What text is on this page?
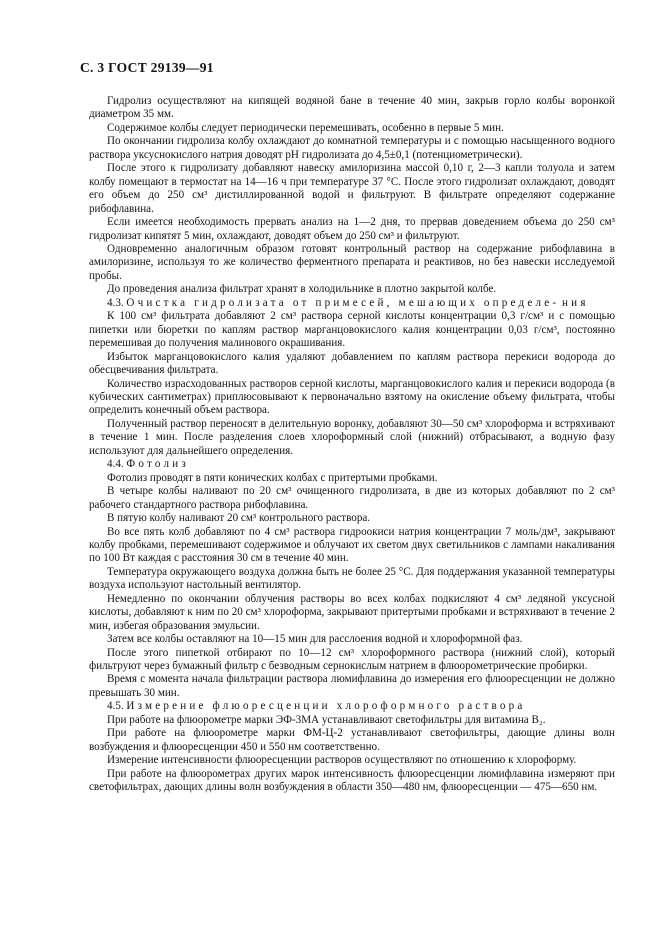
С. 3 ГОСТ 29139—91

Гидролиз осуществляют на кипящей водяной бане в течение 40 мин, закрыв горло колбы воронкой диаметром 35 мм.

Содержимое колбы следует периодически перемешивать, особенно в первые 5 мин.

По окончании гидролиза колбу охлаждают до комнатной температуры и с помощью насыщенного водного раствора уксуснокислого натрия доводят рН гидролизата до 4,5±0,1 (потенциометрически).

После этого к гидролизату добавляют навеску амилоризина массой 0,10 г, 2—3 капли толуола и затем колбу помещают в термостат на 14—16 ч при температуре 37 °С. После этого гидролизат охлаждают, доводят его объем до 250 см³ дистиллированной водой и фильтруют. В фильтрате определяют содержание рибофлавина.

Если имеется необходимость прервать анализ на 1—2 дня, то прервав доведением объема до 250 см³ гидролизат кипятят 5 мин, охлаждают, доводят объем до 250 см³ и фильтруют.

Одновременно аналогичным образом готовят контрольный раствор на содержание рибофлавина в амилоризине, используя то же количество ферментного препарата и реактивов, но без навески исследуемой пробы.

До проведения анализа фильтрат хранят в холодильнике в плотно закрытой колбе.

4.3. Очистка гидролизата от примесей, мешающих определе- ния

К 100 см³ фильтрата добавляют 2 см³ раствора серной кислоты концентрации 0,3 г/см³ и с помощью пипетки или бюретки по каплям раствор марганцовокислого калия концентрации 0,03 г/см³, постоянно перемешивая до получения малинового окрашивания.

Избыток марганцовокислого калия удаляют добавлением по каплям раствора перекиси водорода до обесцвечивания фильтрата.

Количество израсходованных растворов серной кислоты, марганцовокислого калия и перекиси водорода (в кубических сантиметрах) приплюсовывают к первоначально взятому на окисление объему фильтрата, чтобы определить конечный объем раствора.

Полученный раствор переносят в делительную воронку, добавляют 30—50 см³ хлороформа и встряхивают в течение 1 мин. После разделения слоев хлороформный слой (нижний) отбрасывают, а водную фазу используют для дальнейшего определения.

4.4. Фотолиз

Фотолиз проводят в пяти конических колбах с притертыми пробками.

В четыре колбы наливают по 20 см³ очищенного гидролизата, в две из которых добавляют по 2 см³ рабочего стандартного раствора рибофлавина.

В пятую колбу наливают 20 см³ контрольного раствора.

Во все пять колб добавляют по 4 см³ раствора гидроокиси натрия концентрации 7 моль/дм³, закрывают колбу пробками, перемешивают содержимое и облучают их светом двух светильников с лампами накаливания по 100 Вт каждая с расстояния 30 см в течение 40 мин.

Температура окружающего воздуха должна быть не более 25 °С. Для поддержания указанной температуры воздуха используют настольный вентилятор.

Немедленно по окончании облучения растворы во всех колбах подкисляют 4 см³ ледяной уксусной кислоты, добавляют к ним по 20 см³ хлороформа, закрывают притертыми пробками и встряхивают в течение 2 мин, избегая образования эмульсии.

Затем все колбы оставляют на 10—15 мин для расслоения водной и хлороформной фаз.

После этого пипеткой отбирают по 10—12 см³ хлороформного раствора (нижний слой), который фильтруют через бумажный фильтр с безводным сернокислым натрием в флюорометрические пробирки.

Время с момента начала фильтрации раствора люмифлавина до измерения его флюоресценции не должно превышать 30 мин.

4.5. Измерение флюоресценции хлороформного раствора

При работе на флюорометре марки ЭФ-3МА устанавливают светофильтры для витамина В₂.

При работе на флюорометре марки ФМ-Ц-2 устанавливают светофильтры, дающие длины волн возбуждения и флюоресценции 450 и 550 нм соответственно.

Измерение интенсивности флюоресценции растворов осуществляют по отношению к хлороформу.

При работе на флюорометрах других марок интенсивность флюоресценции люмифлавина измеряют при светофильтрах, дающих длины волн возбуждения в области 350—480 нм, флюоресценции — 475—650 нм.
